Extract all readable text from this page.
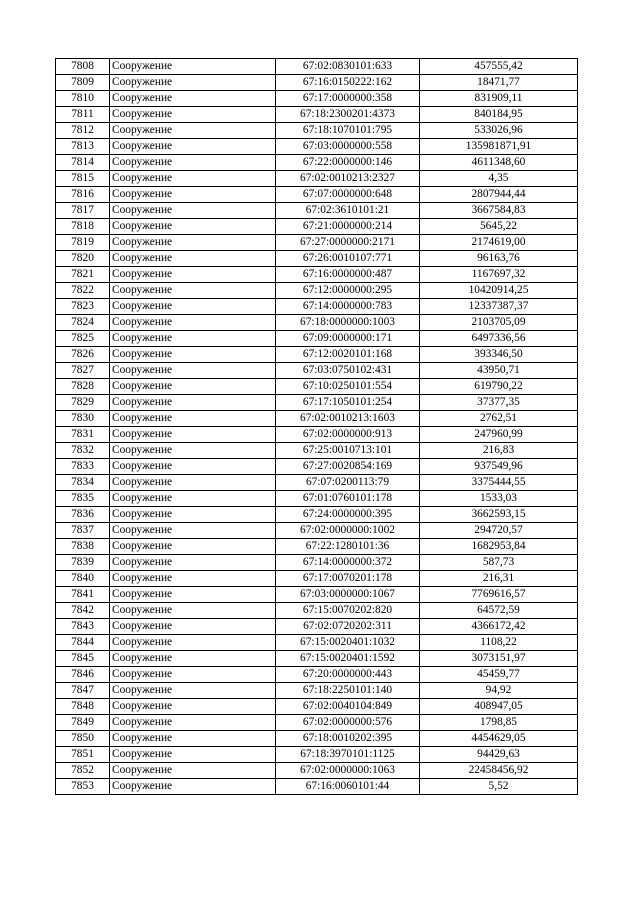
7808	Сооружение	67:02:0830101:633	457555,42
7809	Сооружение	67:16:0150222:162	18471,77
7810	Сооружение	67:17:0000000:358	831909,11
7811	Сооружение	67:18:2300201:4373	840184,95
7812	Сооружение	67:18:1070101:795	533026,96
7813	Сооружение	67:03:0000000:558	135981871,91
7814	Сооружение	67:22:0000000:146	4611348,60
7815	Сооружение	67:02:0010213:2327	4,35
7816	Сооружение	67:07:0000000:648	2807944,44
7817	Сооружение	67:02:3610101:21	3667584,83
7818	Сооружение	67:21:0000000:214	5645,22
7819	Сооружение	67:27:0000000:2171	2174619,00
7820	Сооружение	67:26:0010107:771	96163,76
7821	Сооружение	67:16:0000000:487	1167697,32
7822	Сооружение	67:12:0000000:295	10420914,25
7823	Сооружение	67:14:0000000:783	12337387,37
7824	Сооружение	67:18:0000000:1003	2103705,09
7825	Сооружение	67:09:0000000:171	6497336,56
7826	Сооружение	67:12:0020101:168	393346,50
7827	Сооружение	67:03:0750102:431	43950,71
7828	Сооружение	67:10:0250101:554	619790,22
7829	Сооружение	67:17:1050101:254	37377,35
7830	Сооружение	67:02:0010213:1603	2762,51
7831	Сооружение	67:02:0000000:913	247960,99
7832	Сооружение	67:25:0010713:101	216,83
7833	Сооружение	67:27:0020854:169	937549,96
7834	Сооружение	67:07:0200113:79	3375444,55
7835	Сооружение	67:01:0760101:178	1533,03
7836	Сооружение	67:24:0000000:395	3662593,15
7837	Сооружение	67:02:0000000:1002	294720,57
7838	Сооружение	67:22:1280101:36	1682953,84
7839	Сооружение	67:14:0000000:372	587,73
7840	Сооружение	67:17:0070201:178	216,31
7841	Сооружение	67:03:0000000:1067	7769616,57
7842	Сооружение	67:15:0070202:820	64572,59
7843	Сооружение	67:02:0720202:311	4366172,42
7844	Сооружение	67:15:0020401:1032	1108,22
7845	Сооружение	67:15:0020401:1592	3073151,97
7846	Сооружение	67:20:0000000:443	45459,77
7847	Сооружение	67:18:2250101:140	94,92
7848	Сооружение	67:02:0040104:849	408947,05
7849	Сооружение	67:02:0000000:576	1798,85
7850	Сооружение	67:18:0010202:395	4454629,05
7851	Сооружение	67:18:3970101:1125	94429,63
7852	Сооружение	67:02:0000000:1063	22458456,92
7853	Сооружение	67:16:0060101:44	5,52
